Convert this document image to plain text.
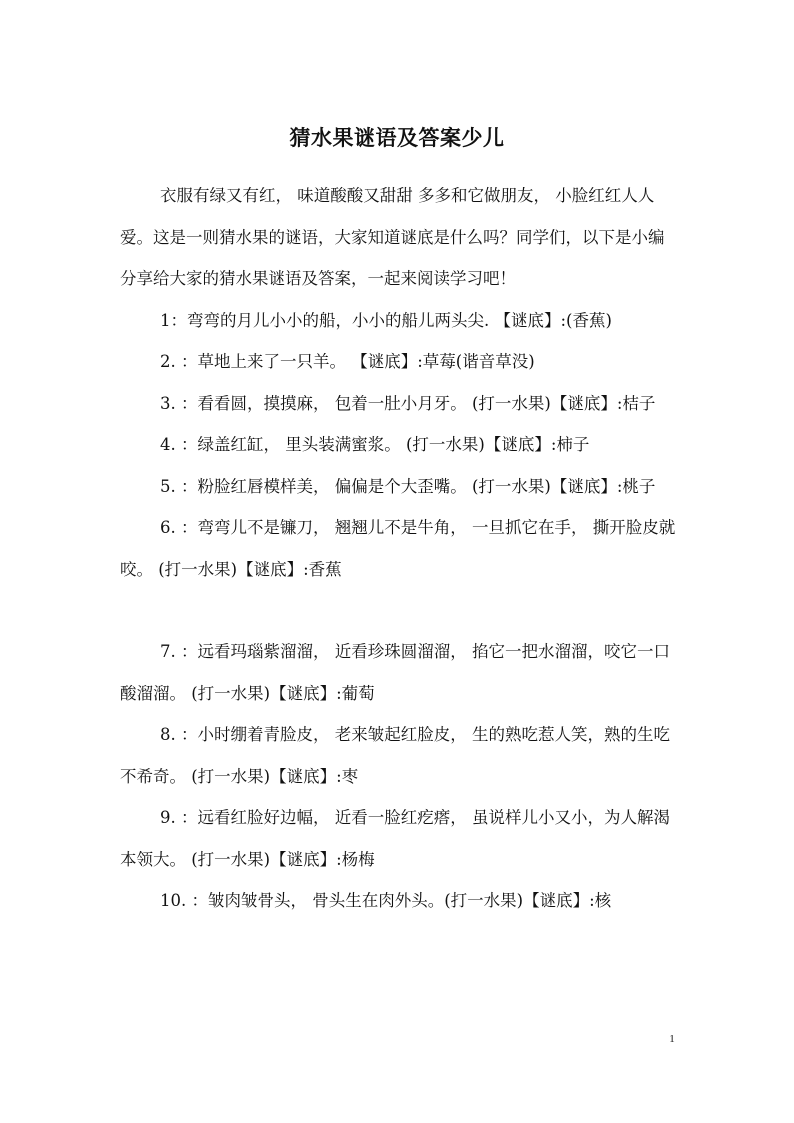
猜水果谜语及答案少儿

衣服有绿又有红， 味道酸酸又甜甜 多多和它做朋友， 小脸红红人人爱。这是一则猜水果的谜语，大家知道谜底是什么吗？同学们，以下是小编分享给大家的猜水果谜语及答案，一起来阅读学习吧！

1：弯弯的月儿小小的船，小小的船儿两头尖. 【谜底】:(香蕉)

2. ：草地上来了一只羊。 【谜底】:草莓(谐音草没)

3. ：看看圆，摸摸麻， 包着一肚小月牙。 (打一水果)【谜底】:桔子

4. ：绿盖红缸， 里头装满蜜浆。 (打一水果)【谜底】:柿子

5. ：粉脸红唇模样美， 偏偏是个大歪嘴。 (打一水果)【谜底】:桃子

6. ：弯弯儿不是镰刀， 翘翘儿不是牛角， 一旦抓它在手， 撕开脸皮就咬。 (打一水果)【谜底】:香蕉

7. ：远看玛瑙紫溜溜， 近看珍珠圆溜溜， 掐它一把水溜溜，咬它一口酸溜溜。 (打一水果)【谜底】:葡萄

8. ：小时绷着青脸皮， 老来皱起红脸皮， 生的熟吃惹人笑，熟的生吃不希奇。 (打一水果)【谜底】:枣

9. ：远看红脸好边幅， 近看一脸红疙瘩， 虽说样儿小又小，为人解渴本领大。 (打一水果)【谜底】:杨梅

10. ：皱肉皱骨头， 骨头生在肉外头。(打一水果)【谜底】:核

1
